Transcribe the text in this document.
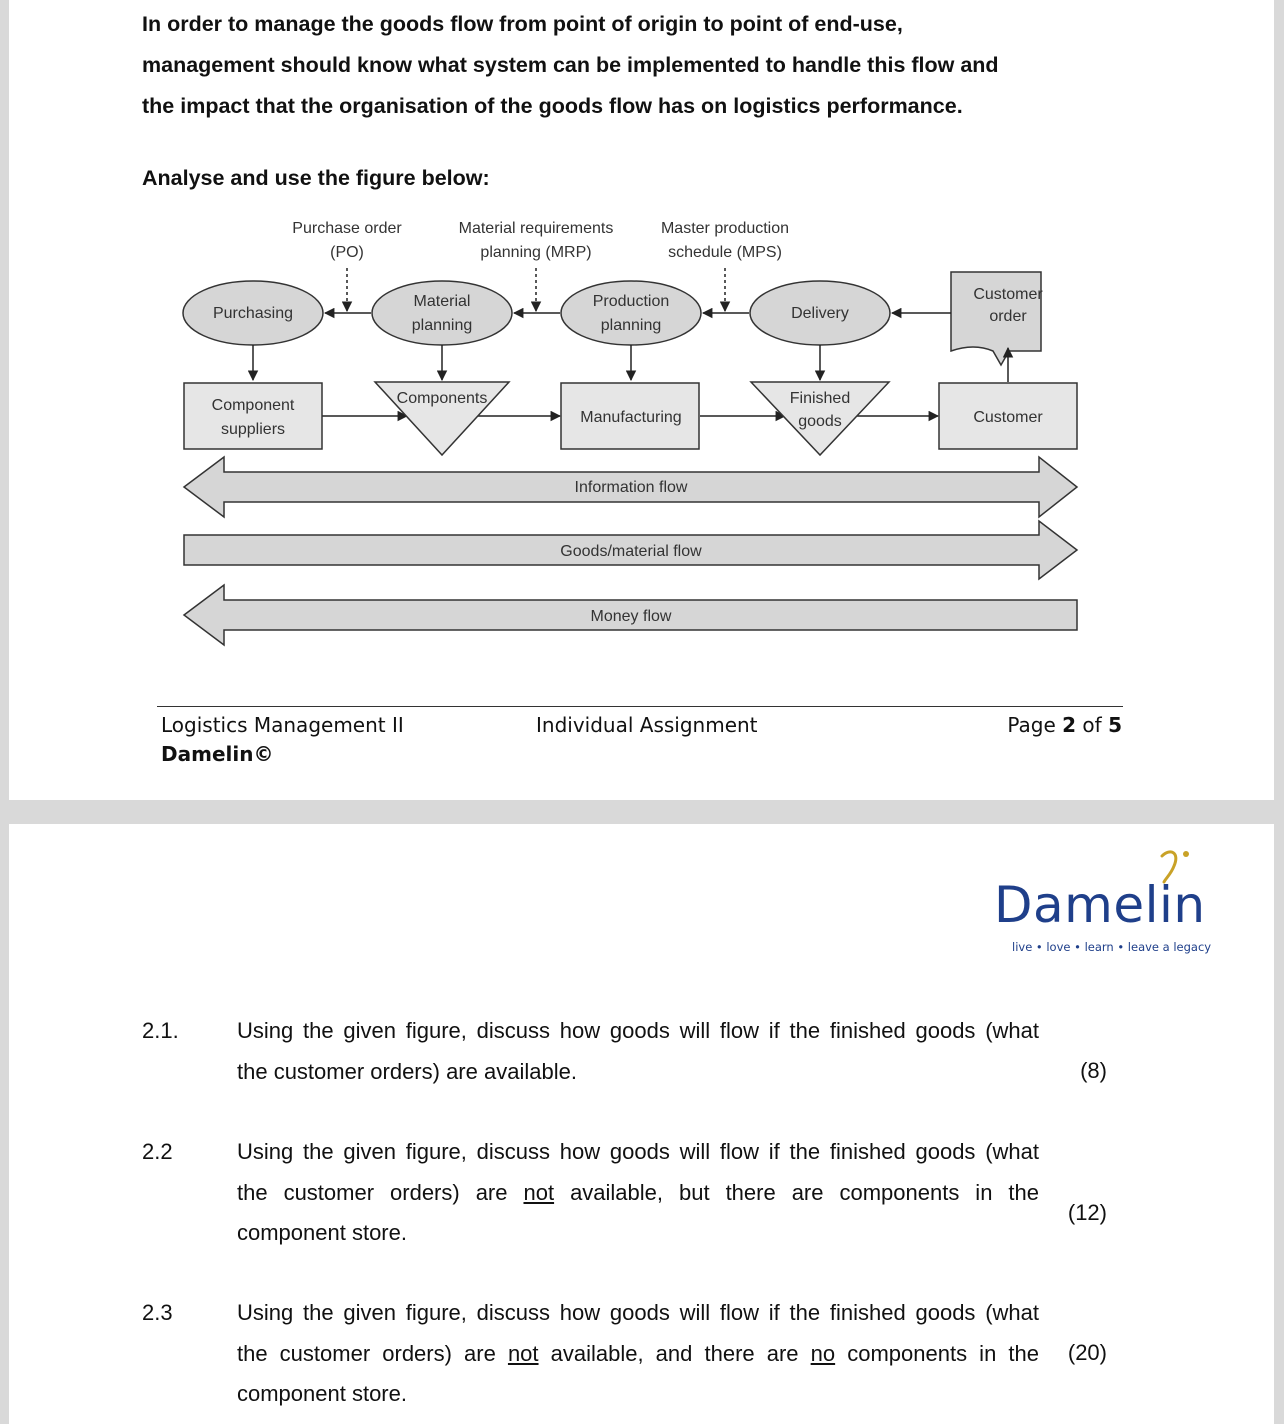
In order to manage the goods flow from point of origin to point of end-use,
management should know what system can be implemented to handle this flow and
the impact that the organisation of the goods flow has on logistics performance.
Analyse and use the figure below:
Purchase order (PO)
Material requirements planning (MRP)
Master production schedule (MPS)
Purchasing
Material planning
Production planning
Delivery
Customer order
Component suppliers
Manufacturing	Customer
Components	Finished goods
Information flow
Goods/material flow
Money flow
Logistics Management II
Damelin©
Individual Assignment	Page 2 of 5
Damelin
live • love • learn • leave a legacy
2.1.	Using the given figure, discuss how goods will flow if the finished goods (what
the customer orders) are available.	(8)
2.2	Using the given figure, discuss how goods will flow if the finished goods (what
the customer orders) are not available, but there are components in the
component store.
(12)
2.3	Using the given figure, discuss how goods will flow if the finished goods (what
the customer orders) are not available, and there are no components in the
component store.
(20)
